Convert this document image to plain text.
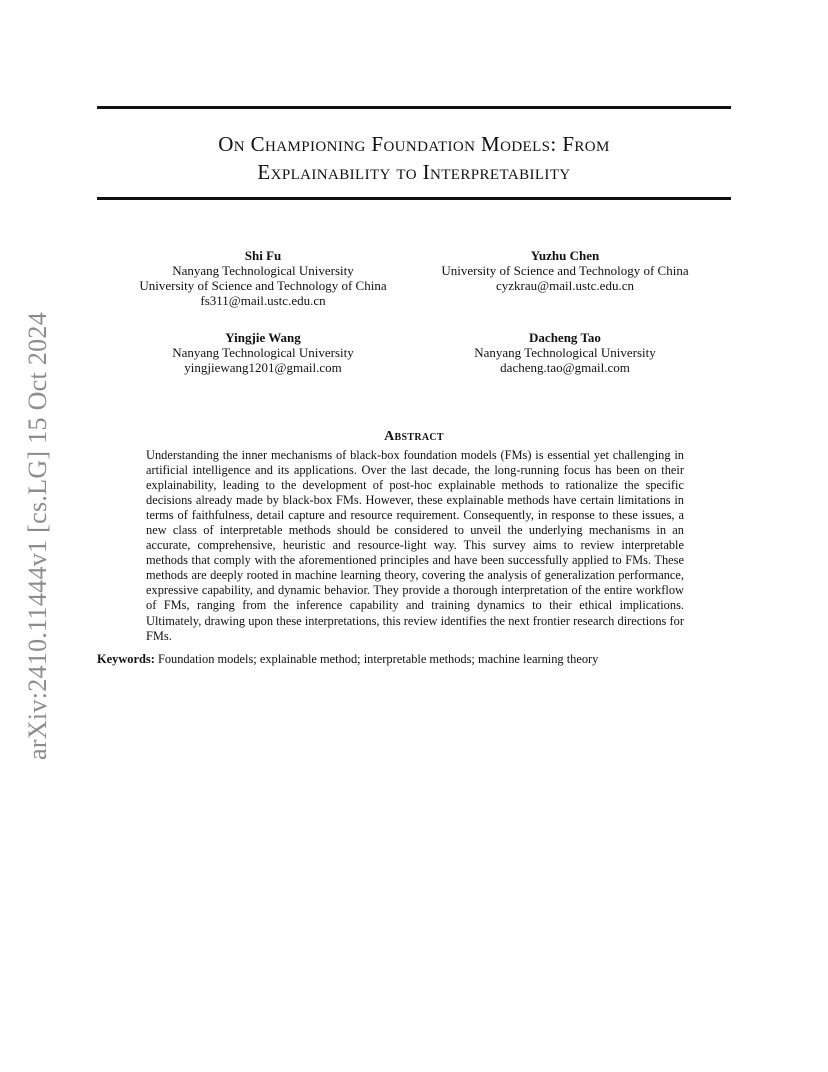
arXiv:2410.11444v1 [cs.LG] 15 Oct 2024
On Championing Foundation Models: From
Explainability to Interpretability
Shi Fu
Nanyang Technological University
University of Science and Technology of China
fs311@mail.ustc.edu.cn
Yuzhu Chen
University of Science and Technology of China
cyzkrau@mail.ustc.edu.cn
Yingjie Wang
Nanyang Technological University
yingjiewang1201@gmail.com
Dacheng Tao
Nanyang Technological University
dacheng.tao@gmail.com
Abstract

Understanding the inner mechanisms of black-box foundation models (FMs) is essential yet challenging in artificial intelligence and its applications. Over the last decade, the long-running focus has been on their explainability, leading to the development of post-hoc explainable methods to rationalize the specific decisions already made by black-box FMs. However, these explainable methods have certain limitations in terms of faithfulness, detail capture and resource requirement. Consequently, in response to these issues, a new class of interpretable methods should be considered to unveil the underlying mechanisms in an accurate, comprehensive, heuristic and resource-light way. This survey aims to review interpretable methods that comply with the aforementioned principles and have been successfully applied to FMs. These methods are deeply rooted in machine learning theory, covering the analysis of generalization performance, expressive capability, and dynamic behavior. They provide a thorough interpretation of the entire workflow of FMs, ranging from the inference capability and training dynamics to their ethical implications. Ultimately, drawing upon these interpretations, this review identifies the next frontier research directions for FMs.

Keywords: Foundation models; explainable method; interpretable methods; machine learning theory
